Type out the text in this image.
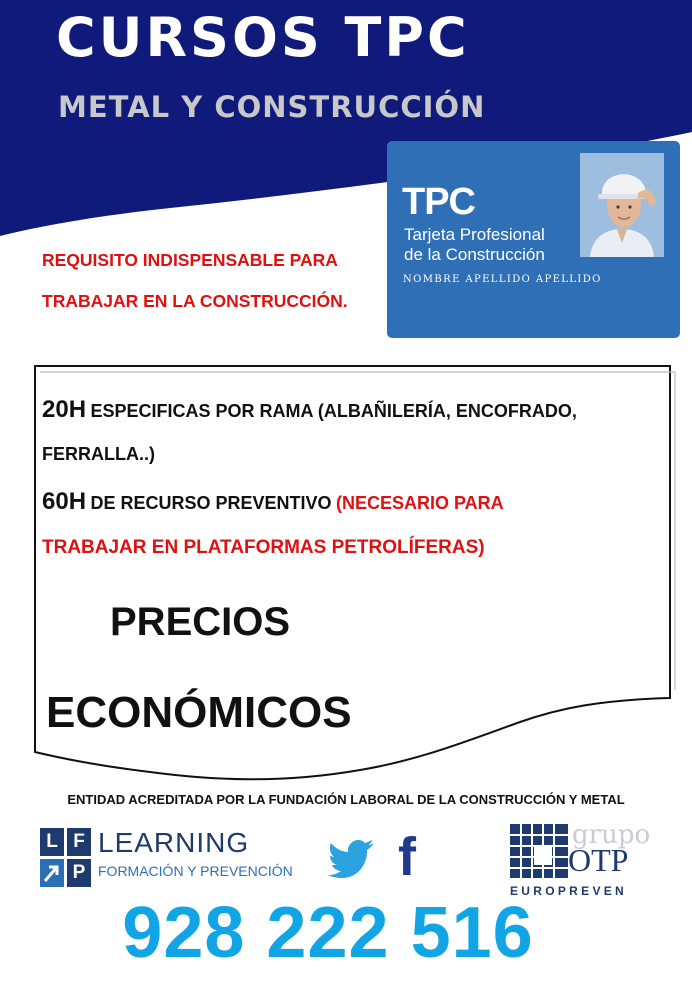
CURSOS TPC
METAL Y CONSTRUCCIÓN
REQUISITO INDISPENSABLE PARA
TRABAJAR EN LA CONSTRUCCIÓN.
TPC
Tarjeta Profesional
de la Construcción
NOMBRE APELLIDO APELLIDO
20H ESPECIFICAS POR RAMA (ALBAÑILERÍA, ENCOFRADO,
FERRALLA..)
60H DE RECURSO PREVENTIVO (NECESARIO PARA
TRABAJAR EN PLATAFORMAS PETROLÍFERAS)
PRECIOS
ECONÓMICOS
ENTIDAD ACREDITADA POR LA FUNDACIÓN LABORAL DE LA CONSTRUCCIÓN Y METAL
L F
P
LEARNING
FORMACIÓN Y PREVENCIÓN f	grupo
OTP
EUROPREVEN
928 222 516
